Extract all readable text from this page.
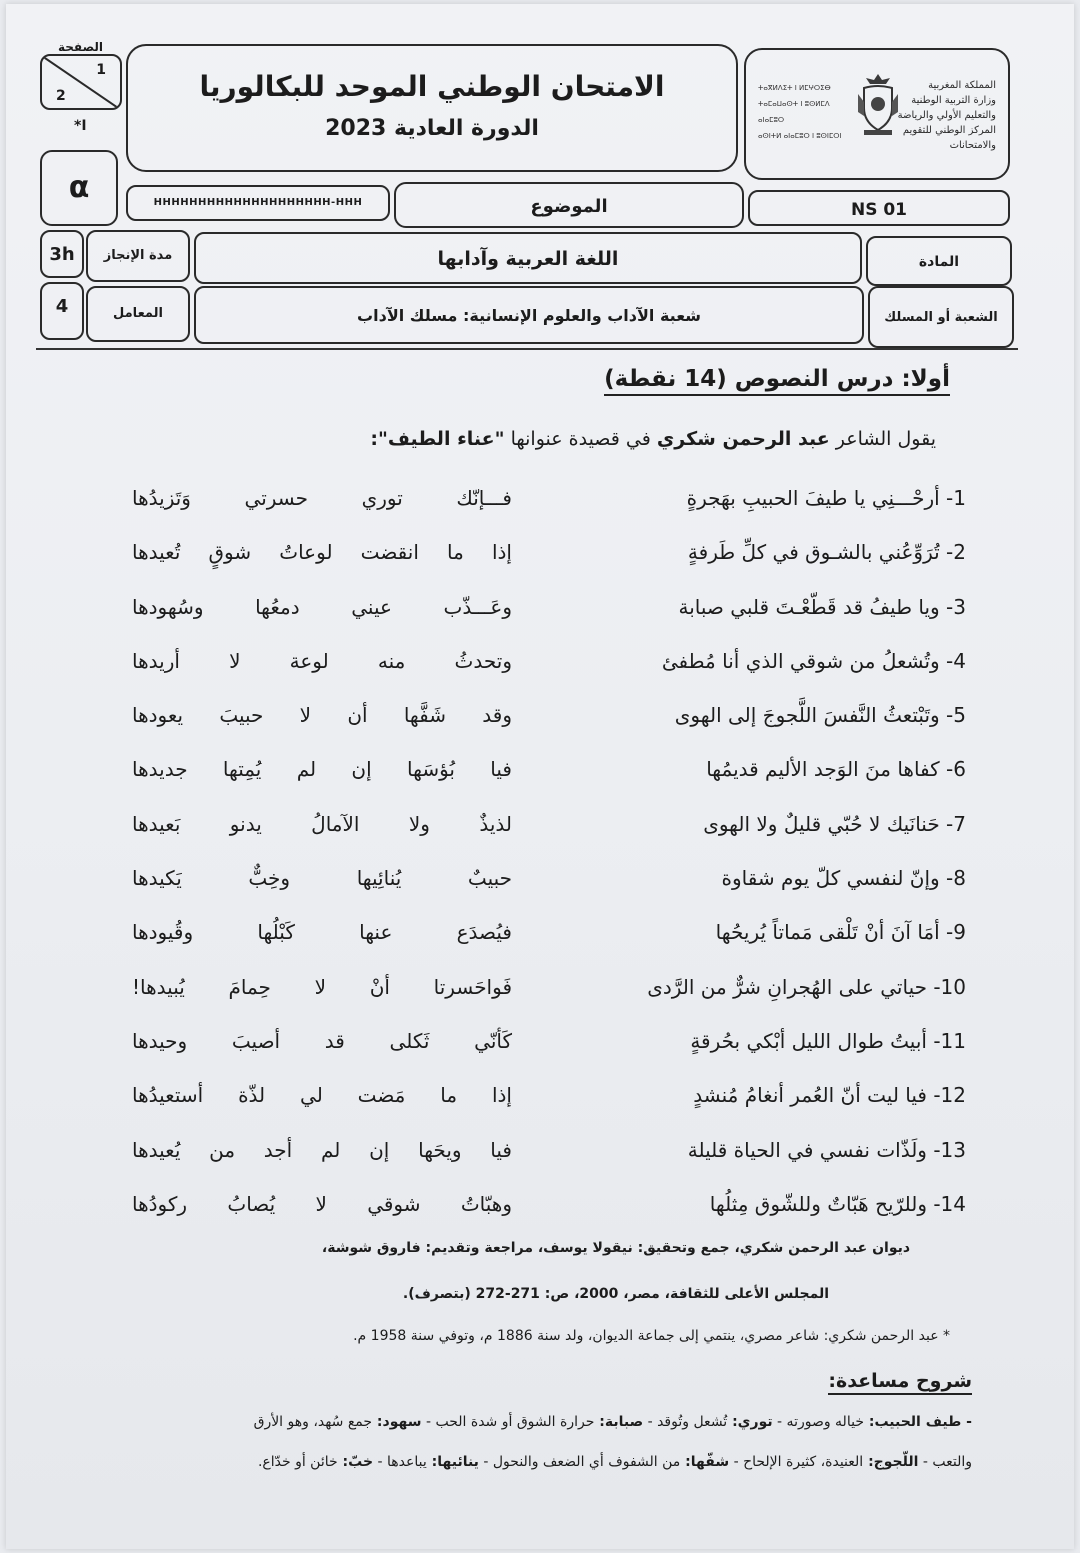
الصفحة
1
2
*I
الامتحان الوطني الموحد للبكالوريا
الدورة العادية 2023
ⵜⴰⴳⵍⴷⵉⵜ ⵏ ⵍⵎⵖⵔⵉⴱ
ⵜⴰⵎⴰⵡⴰⵙⵜ ⵏ ⵓⵙⵍⵎⴷ ⴰⵏⴰⵎⵓⵔ
ⴰⵙⵏⵜⵍ ⴰⵏⴰⵎⵓⵔ ⵏ ⵓⵙⵏⵎⵔⵏ
المملكة المغربية
وزارة التربية الوطنية
والتعليم الأولي والرياضة
المركز الوطني للتقويم والامتحانات
α	HHHHHHHHHHHHHHHHHHHH-HHH	الموضوع	NS 01
3h	مدة الإنجاز	اللغة العربية وآدابها	المادة
4	المعامل	شعبة الآداب والعلوم الإنسانية: مسلك الآداب	الشعبة أو المسلك
أولا: درس النصوص (14 نقطة)
يقول الشاعر عبد الرحمن شكري في قصيدة عنوانها "عناء الطيف":
1- أرحْـــنِي يا طيفَ الحبيبِ بهَجرةٍ
فـــإنّك توري حسرتي وَتَزيدُها
2- تُرَوِّعُني بالشـوق في كلِّ طَرفةٍ
إذا ما انقضت لوعاتُ شوقٍ تُعيدها
3- ويا طيفُ قد قَطّعْـتَ قلبي صبابة
وعَـــذّب عيني دمعُها وسُهودها
4- وتُشعلُ من شوقي الذي أنا مُطفئ
وتحدثُ منه لوعة لا أريدها
5- وتَبْتعثُ النَّفسَ اللَّجوجَ إلى الهوى
وقد شَفَّها أن لا حبيبَ يعودها
6- كفاها منَ الوَجد الأليم قديمُها
فيا بُؤسَها إن لم يُمِتها جديدها
7- حَنانَيك لا حُبّي قليلٌ ولا الهوى
لذيذٌ ولا الآمالُ يدنو بَعيدها
8- وإنّ لنفسي كلّ يوم شقاوة
حبيبٌ يُنائِيها وخِبٌّ يَكيدها
9- أمَا آنَ أنْ تَلْقى مَماتاً يُريحُها
فيُصدَع عنها كَبْلُها وقُيودها
10- حياتي على الهُجرانِ شرٌّ من الرَّدى
فَواحَسرتا أنْ لا حِمامَ يُبيدها!
11- أبيتُ طوال الليل أبْكي بحُرقةٍ
كَأنّي ثَكلى قد أصيبَ وحيدها
12- فيا ليت أنّ العُمر أنغامُ مُنشدٍ
إذا ما مَضت لي لذّة أستعيدُها
13- ولَذّات نفسي في الحياة قليلة
فيا ويحَها إن لم أجد من يُعيدها
14- وللرّيح هَبّاتٌ وللشّوق مِثلُها
وهبّاتُ شوقي لا يُصابُ ركودُها
ديوان عبد الرحمن شكري، جمع وتحقيق: نيقولا يوسف، مراجعة وتقديم: فاروق شوشة،
المجلس الأعلى للثقافة، مصر، 2000، ص: 271-272 (بتصرف).
* عبد الرحمن شكري: شاعر مصري، ينتمي إلى جماعة الديوان، ولد سنة 1886 م، وتوفي سنة 1958 م.
شروح مساعدة:
- طيف الحبيب: خياله وصورته - توري: تُشعل وتُوقد - صبابة: حرارة الشوق أو شدة الحب - سهود: جمع سُهد، وهو الأرق
والتعب - اللّجوج: العنيدة، كثيرة الإلحاح - شفّها: من الشفوف أي الضعف والنحول - ينائيها: يباعدها - خبّ: خائن أو خدّاع.
